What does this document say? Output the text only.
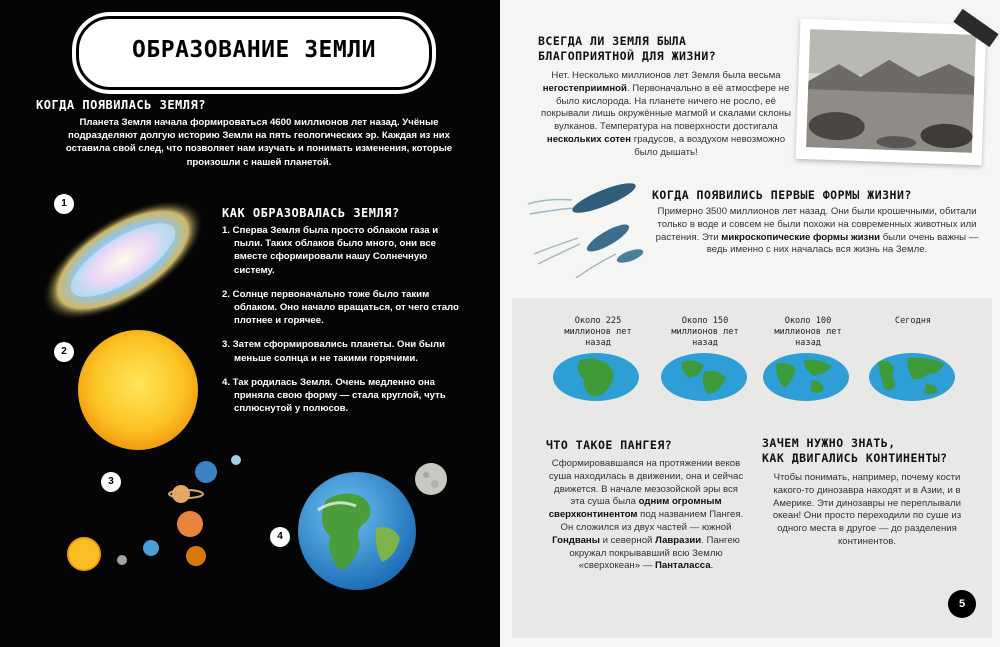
ОБРАЗОВАНИЕ ЗЕМЛИ
КОГДА ПОЯВИЛАСЬ ЗЕМЛЯ?
Планета Земля начала формироваться 4600 миллионов лет назад. Учёные подразделяют долгую историю Земли на пять геологических эр. Каждая из них оставила свой след, что позволяет нам изучать и понимать изменения, которые произошли с нашей планетой.
1
2
3
4
КАК ОБРАЗОВАЛАСЬ ЗЕМЛЯ?
1. Сперва Земля была просто облаком газа и пыли. Таких облаков было много, они все вместе сформировали нашу Солнечную систему.
2. Солнце первоначально тоже было таким облаком. Оно начало вращаться, от чего стало плотнее и горячее.
3. Затем сформировались планеты. Они были меньше солнца и не такими горячими.
4. Так родилась Земля. Очень медленно она приняла свою форму — стала круглой, чуть сплюснутой у полюсов.
ВСЕГДА ЛИ ЗЕМЛЯ БЫЛА
БЛАГОПРИЯТНОЙ ДЛЯ ЖИЗНИ?
Нет. Несколько миллионов лет Земля была весьма негостеприимной. Первоначально в её атмосфере не было кислорода. На планете ничего не росло, её покрывали лишь окружённые магмой и скалами склоны вулканов. Температура на поверхности достигала нескольких сотен градусов, а воздухом невозможно было дышать!
КОГДА ПОЯВИЛИСЬ ПЕРВЫЕ ФОРМЫ ЖИЗНИ?
Примерно 3500 миллионов лет назад. Они были крошечными, обитали только в воде и совсем не были похожи на современных животных или растения. Эти микроскопические формы жизни были очень важны — ведь именно с них началась вся жизнь на Земле.
Около 225 миллионов лет назад
Около 150 миллионов лет назад
Около 100 миллионов лет назад
Сегодня
ЧТО ТАКОЕ ПАНГЕЯ?
Сформировавшаяся на протяжении веков суша находилась в движении, она и сейчас движется. В начале мезозойской эры вся эта суша была одним огромным сверхконтинентом под названием Пангея. Он сложился из двух частей — южной Гондваны и северной Лавразии. Пангею окружал покрывавший всю Землю «сверхокеан» — Панталасса.
ЗАЧЕМ НУЖНО ЗНАТЬ,
КАК ДВИГАЛИСЬ КОНТИНЕНТЫ?
Чтобы понимать, например, почему кости какого-то динозавра находят и в Азии, и в Америке. Эти динозавры не переплывали океан! Они просто переходили по суше из одного места в другое — до разделения континентов.
5
